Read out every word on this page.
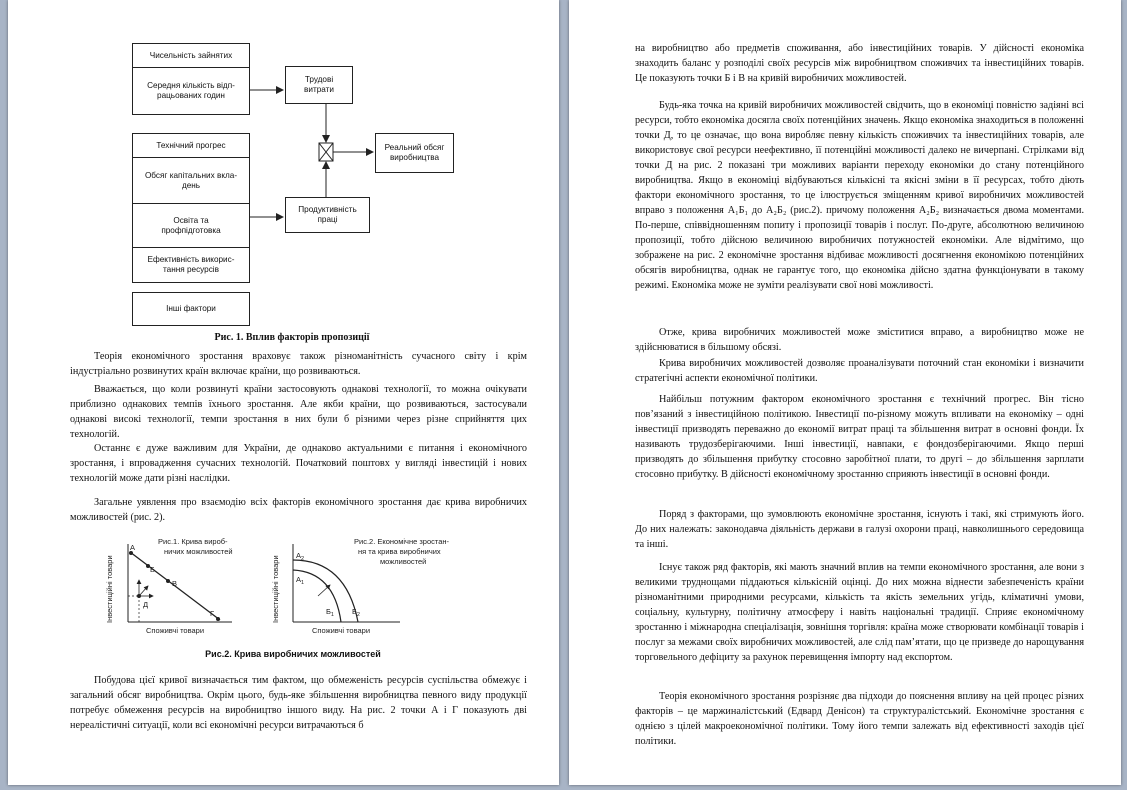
Чисельність зайнятих
Середня кількість відп-рацьованих годин
Трудові витрати
Технічний прогрес
Обсяг капітальних вкла-день
Освіта та профпідготовка
Ефективність викорис-тання ресурсів
Інші фактори
Продуктивність праці
Реальний обсяг виробництва
Рис. 1. Вплив факторів пропозиції

Теорія економічного зростання враховує також різноманітність сучасного світу і крім індустріально розвинутих країн включає країни, що розвиваються.

Вважається, що коли розвинуті країни застосовують однакові технології, то можна очікувати приблизно однакових темпів їхнього зростання. Але якби країни, що розвиваються, застосували однакові високі технології, темпи зростання в них були б різними через різне сприйняття цих технологій.

Останнє є дуже важливим для України, де однаково актуальними є питання і економічного зростання, і впровадження сучасних технологій. Початковий поштовх у вигляді інвестицій і нових технологій може дати різні наслідки.

Загальне уявлення про взаємодію всіх факторів економічного зростання дає крива виробничих можливостей (рис. 2).

Рис.1. Крива вироб-
ничих можливостей
Інвестиційні товари
Споживчі товари
А
Б
В
Г
Д
Рис.2. Економічне зростан-
ня та крива виробничих
можливостей
Інвестиційні товари
Споживчі товари
$А_2$
$А_1$
$Б_1$ $Б_2$
Рис.2. Крива виробничих можливостей

Побудова цієї кривої визначається тим фактом, що обмеженість ресурсів суспільства обмежує і загальний обсяг виробництва. Окрім цього, будь-яке збільшення виробництва певного виду продукції потребує обмеження ресурсів на виробництво іншого виду. На рис. 2 точки А і Г показують дві нереалістичні ситуації, коли всі економічні ресурси витрачаються б

на виробництво або предметів споживання, або інвестиційних товарів. У дійсності економіка знаходить баланс у розподілі своїх ресурсів між виробництвом споживчих та інвестиційних товарів. Це показують точки Б і В на кривій виробничих можливостей.

Будь-яка точка на кривій виробничих можливостей свідчить, що в економіці повністю задіяні всі ресурси, тобто економіка досягла своїх потенційних значень. Якщо економіка знаходиться в положенні точки Д, то це означає, що вона виробляє певну кількість споживчих та інвестиційних товарів, але використовує свої ресурси неефективно, її потенційні можливості далеко не вичерпані. Стрілками від точки Д на рис. 2 показані три можливих варіанти переходу економіки до стану потенційного виробництва. Якщо в економіці відбуваються кількісні та якісні зміни в її ресурсах, тобто діють фактори економічного зростання, то це ілюструється зміщенням кривої виробничих можливостей вправо з положення А₁Б₁ до А₂Б₂ (рис.2). причому положення А₂Б₂ визначається двома моментами. По-перше, співвідношенням попиту і пропозиції товарів і послуг. По-друге, абсолютною величиною пропозиції, тобто дійсною величиною виробничих потужностей економіки. Але відмітимо, що зображене на рис. 2 економічне зростання відбиває можливості досягнення економікою потенційних обсягів виробництва, однак не гарантує того, що економіка дійсно здатна функціонувати в такому режимі. Економіка може не зуміти реалізувати свої нові можливості.

Отже, крива виробничих можливостей може зміститися вправо, а виробництво може не здійснюватися в більшому обсязі.

Крива виробничих можливостей дозволяє проаналізувати поточний стан економіки і визначити стратегічні аспекти економічної політики.

Найбільш потужним фактором економічного зростання є технічний прогрес. Він тісно пов’язаний з інвестиційною політикою. Інвестиції по-різному можуть впливати на економіку – одні інвестиції призводять переважно до економії витрат праці та збільшення витрат в основні фонди. Їх називають трудозберігаючими. Інші інвестиції, навпаки, є фондозберігаючими. Якщо перші призводять до збільшення прибутку стосовно заробітної плати, то другі – до збільшення зарплати стосовно прибутку. В дійсності економічному зростанню сприяють інвестиції в основні фонди.

Поряд з факторами, що зумовлюють економічне зростання, існують і такі, які стримують його. До них належать: законодавча діяльність держави в галузі охорони праці, навколишнього середовища та інші.

Існує також ряд факторів, які мають значний вплив на темпи економічного зростання, але вони з великими труднощами піддаються кількісній оцінці. До них можна віднести забезпеченість країни різноманітними природними ресурсами, кількість та якість земельних угідь, кліматичні умови, соціальну, культурну, політичну атмосферу і навіть національні традиції. Сприяє економічному зростанню і міжнародна спеціалізація, зовнішня торгівля: країна може створювати комбінації товарів і послуг за межами своїх виробничих можливостей, але слід пам’ятати, що це призведе до нарощування торговельного дефіциту за рахунок перевищення імпорту над експортом.

Теорія економічного зростання розрізняє два підходи до пояснення впливу на цей процес різних факторів – це маржиналістський (Едвард Денісон) та структуралістський. Економічне зростання є однією з цілей макроекономічної політики. Тому його темпи залежать від ефективності заходів цієї політики.
